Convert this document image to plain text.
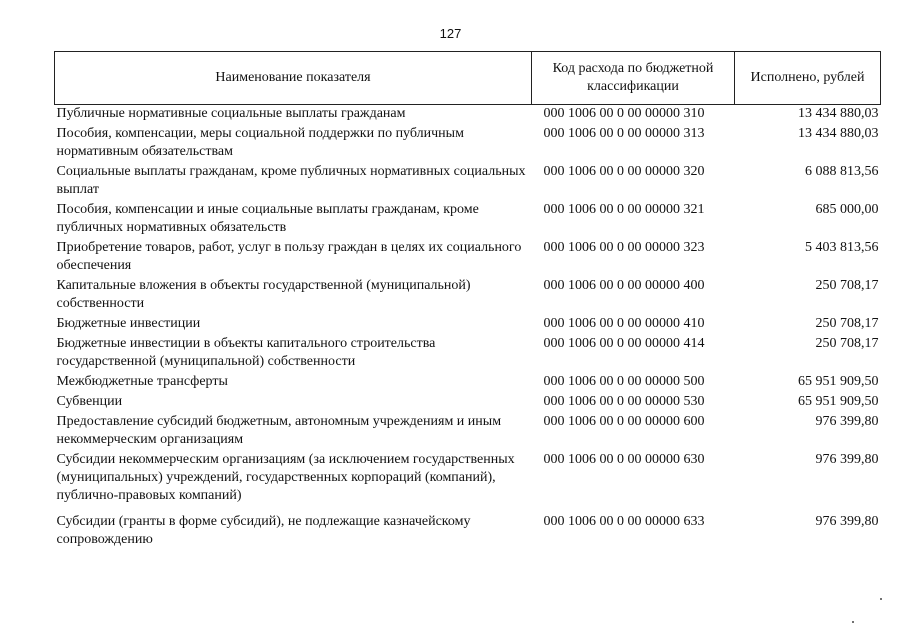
127
Наименование показателя	Код расхода по бюджетной классификации	Исполнено, рублей
Публичные нормативные социальные выплаты гражданам	000 1006 00 0 00 00000 310	13 434 880,03
Пособия, компенсации, меры социальной поддержки по публичным нормативным обязательствам	000 1006 00 0 00 00000 313	13 434 880,03
Социальные выплаты гражданам, кроме публичных нормативных социальных выплат	000 1006 00 0 00 00000 320	6 088 813,56
Пособия, компенсации и иные социальные выплаты гражданам, кроме публичных нормативных обязательств	000 1006 00 0 00 00000 321	685 000,00
Приобретение товаров, работ, услуг в пользу граждан в целях их социального обеспечения	000 1006 00 0 00 00000 323	5 403 813,56
Капитальные вложения в объекты государственной (муниципальной) собственности	000 1006 00 0 00 00000 400	250 708,17
Бюджетные инвестиции	000 1006 00 0 00 00000 410	250 708,17
Бюджетные инвестиции в объекты капитального строительства государственной (муниципальной) собственности	000 1006 00 0 00 00000 414	250 708,17
Межбюджетные трансферты	000 1006 00 0 00 00000 500	65 951 909,50
Субвенции	000 1006 00 0 00 00000 530	65 951 909,50
Предоставление субсидий бюджетным, автономным учреждениям и иным некоммерческим организациям	000 1006 00 0 00 00000 600	976 399,80
Субсидии некоммерческим организациям (за исключением государственных (муниципальных) учреждений, государственных корпораций (компаний), публично-правовых компаний)	000 1006 00 0 00 00000 630	976 399,80
Субсидии (гранты в форме субсидий), не подлежащие казначейскому сопровождению	000 1006 00 0 00 00000 633	976 399,80
